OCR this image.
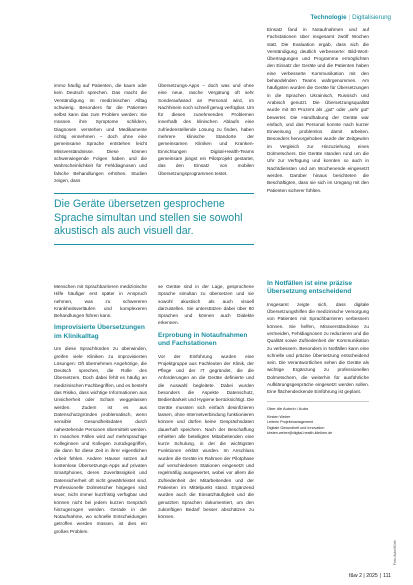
Technologie | Digitalisierung

immo häufig auf Patienten, die kaum oder kein Deutsch sprechen. Das macht die Verständigung im medizinischen Alltag schwierig. Besonders für die Patienten selbst kann das zum Problem werden: Sie müssen ihre Symptome schildern, Diagnosen verstehen und Medikamente richtig einnehmen – doch ohne eine gemeinsame Sprache entstehen leicht Missverständnisse. Diese können schwerwiegende Folgen haben und die Wahrscheinlichkeit für Fehldiagnosen und falsche Behandlungen erhöhen. Studien zeigen, dass

Übersetzungs-Apps – doch was und ohne eine neue, rasche Vergütung oft sehr Sonderaufwand an Personal wird, im Nachhinein noch schnell genug verfügbar. Um für diesen zunehmenden Problemen innerhalb des klinischen Ablaufs eine zufriedenstellende Lösung zu finden, haben mehrere klinische Standorte der gemeinsamen Kliniken und Kranken-Einrichtungen Digital-Health-Teams gemeinsam jüngst ein Pilotprojekt gestartet, das den Einsatz von mobilen Übersetzungsprogrammen testet.

Einsatz fand in Notaufnahmen und auf Fachstationen über insgesamt zwölf Wochen statt. Die Evaluation ergab, dass sich die Verständigung deutlich verbesserte: Bild-Wort-Übertragungen und Programme ermöglichten den Einsatz der Geräte und die Patienten haben eine verbesserte Kommunikation mit den behandelnden Teams wahrgenommen. Am häufigsten wurden die Geräte für Übersetzungen in die Sprachen Ukrainisch, Russisch und Arabisch genutzt. Die Übersetzungsqualität wurde mit 80 Prozent als „gut“ oder „sehr gut“ bewertet. Die Handhabung der Geräte war einfach, und das Personal konnte nach kurzer Einweisung problemlos damit arbeiten. Besonders hervorgehoben wurde der Zeitgewinn im Vergleich zur Hinzuziehung eines Dolmetschers. Die Geräte standen rund um die Uhr zur Verfügung und konnten so auch in Nachtdiensten und am Wochenende eingesetzt werden. Darüber hinaus berichteten die Beschäftigten, dass sie sich im Umgang mit den Patienten sicherer fühlten.

Die Geräte übersetzen gesprochene Sprache simultan und stellen sie sowohl akustisch als auch visuell dar.

Menschen mit Sprachbarrieren medizinische Hilfe häufiger erst später in Anspruch nehmen, was zu schwereren Krankheitsverläufen und komplexeren Behandlungen führen kann.

Improvisierte Übersetzungen im Klinikalltag

Um diese Sprachhürden zu überwinden, greifen viele Kliniken zu improvisierten Lösungen: Oft übernehmen Angehörige, die Deutsch sprechen, die Rolle des Übersetzers. Doch dabei fehlt es häufig an medizinischen Fachbegriffen, und es besteht das Risiko, dass wichtige Informationen aus Unsicherheit oder Scham weggelassen werden. Zudem ist es aus Datenschutzgründen problematisch, wenn sensible Gesundheitsdaten durch nahestehende Personen übermittelt werden. In manchen Fällen wird auf mehrsprachige Kolleginnen und Kollegen zurückgegriffen, die dann für diese Zeit in ihrer eigentlichen Arbeit fehlen. Andere Häuser setzen auf kostenlose Übersetzungs-Apps auf privaten Smartphones, deren Zuverlässigkeit und Datensicherheit oft nicht gewährleistet sind. Professionelle Dolmetscher hingegen sind teuer, nicht immer kurzfristig verfügbar und können nicht bei jedem kurzen Gespräch hinzugezogen werden. Gerade in der Notaufnahme, wo schnelle Entscheidungen getroffen werden müssen, ist dies ein großes Problem.

se Geräte sind in der Lage, gesprochene Sprache simultan zu übersetzen und sie sowohl akustisch als auch visuell darzustellen. Sie unterstützen dabei über 80 Sprachen und können auch Dialekte erkennen.

Erprobung in Notaufnahmen und Fachstationen

Vor der Einführung wurden eine Projektgruppe aus Fachleuten der Klinik, der Pflege und der IT gegründet, die die Anforderungen an die Geräte definierte und die Auswahl begleitete. Dabei wurden besonders die Aspekte Datenschutz, Bedienbarkeit und Hygiene berücksichtigt. Die Geräte mussten sich einfach desinfizieren lassen, ohne Internetverbindung funktionieren können und dürfen keine Gesprächsdaten dauerhaft speichern. Nach der Beschaffung erhielten alle beteiligten Mitarbeitenden eine kurze Schulung, in der die wichtigsten Funktionen erklärt wurden. Im Anschluss wurden die Geräte im Rahmen der Pilotphase auf verschiedenen Stationen eingesetzt und regelmäßig ausgewertet, wobei vor allem die Zufriedenheit der Mitarbeitenden und der Patienten im Mittelpunkt stand. Ergänzend wurden auch die Einsatzhäufigkeit und die genutzten Sprachen dokumentiert, um den zukünftigen Bedarf besser abschätzen zu können.

In Notfällen ist eine präzise Übersetzung entscheidend

Insgesamt zeigte sich, dass digitale Übersetzungshilfen die medizinische Versorgung von Patienten mit Sprachbarrieren verbessern können. Sie helfen, Missverständnisse zu vermeiden, Fehldiagnosen zu reduzieren und die Qualität sowie Zufriedenheit der Kommunikation zu verbessern. Besonders in Notfällen kann eine schnelle und präzise Übersetzung entscheidend sein. Die Verantwortlichen sehen die Geräte als wichtige Ergänzung zu professionellen Dolmetschern, die weiterhin für ausführliche Aufklärungsgespräche eingesetzt werden sollen. Eine flächendeckende Einführung ist geplant.

Über die Autorin / Autor
Kirsten Weber
Leiterin Projektmanagement
Digitale Gesundheit und Innovation
kirsten.weber@digital-health-kliniken.de
Foto: Autor/Klinik
f&w 2 | 2025 | 111
